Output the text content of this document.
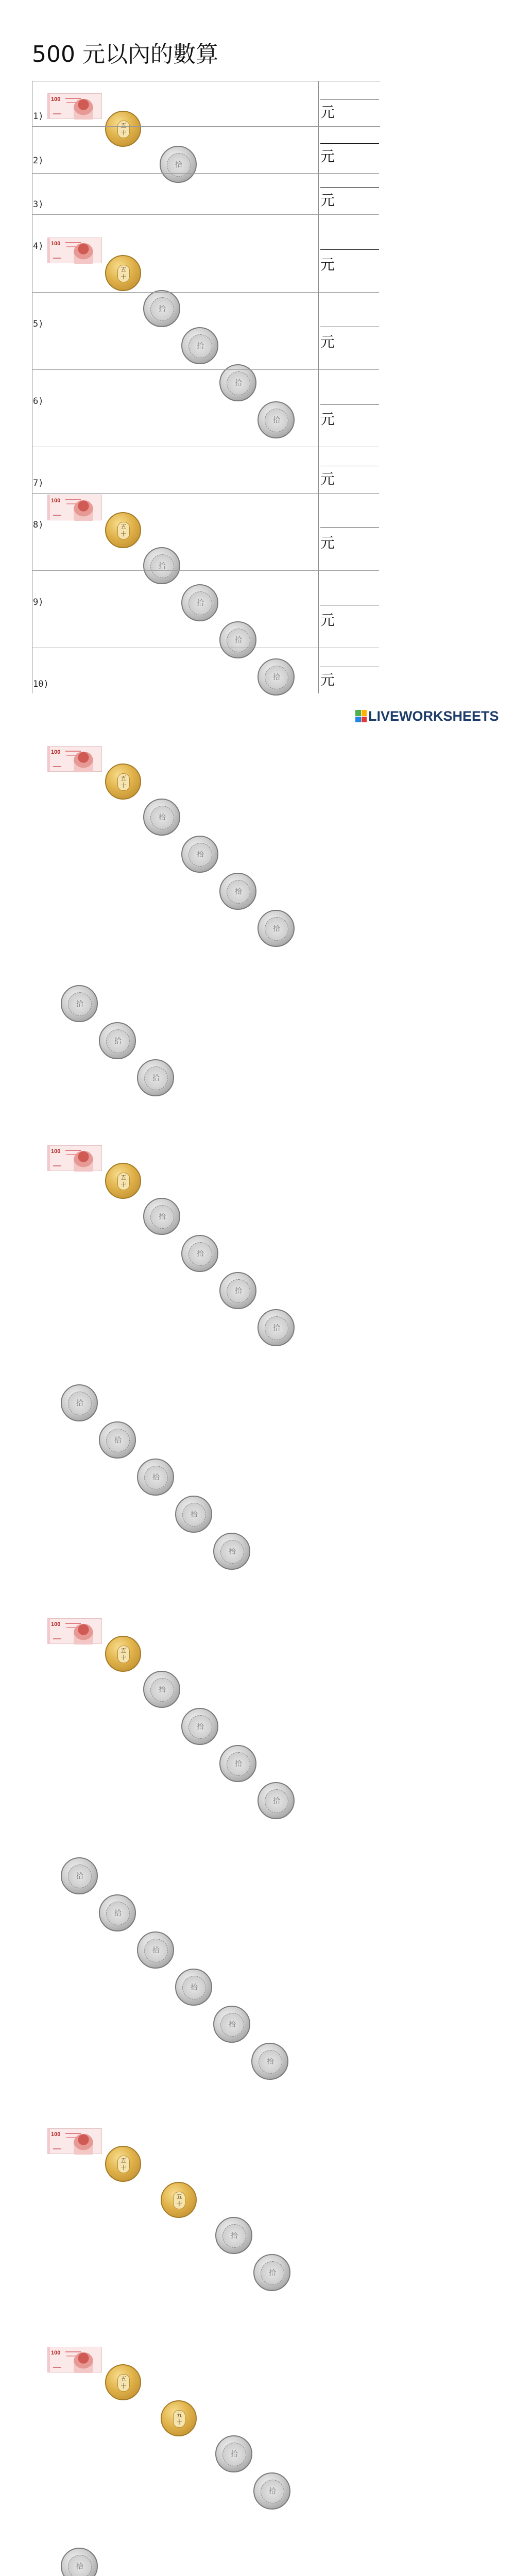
500 元以內的數算
1)
100
五 十
拾
元
2)
100
五 十
拾
拾
拾
拾
元
3)
100
五 十
拾
拾
拾
拾
元
4)
100
五 十
拾
拾
拾
拾
拾
拾
拾
元
5)
100
五 十
拾
拾
拾
拾
拾
拾
拾
拾
拾
元
6)
100
五 十
拾
拾
拾
拾
拾
拾
拾
拾
拾
拾
元
7)
100
五 十
五 十
拾
拾
元
8)
100
五 十
五 十
拾
拾
拾
元
9)
元
10)	元
LIVEWORKSHEETS
